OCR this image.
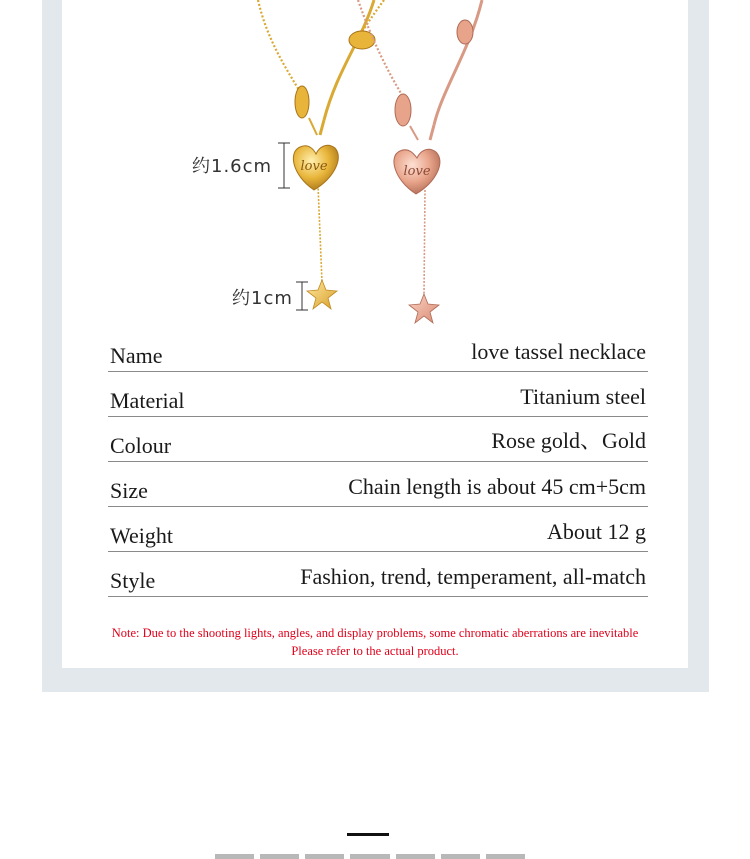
love	love
约1.6cm
约1cm
Name	love tassel necklace
Material	Titanium steel
Colour	Rose gold、Gold
Size	Chain length is about 45 cm+5cm
Weight	About 12 g
Style	Fashion, trend, temperament, all-match
Note: Due to the shooting lights, angles, and display problems, some chromatic aberrations are inevitable
Please refer to the actual product.
